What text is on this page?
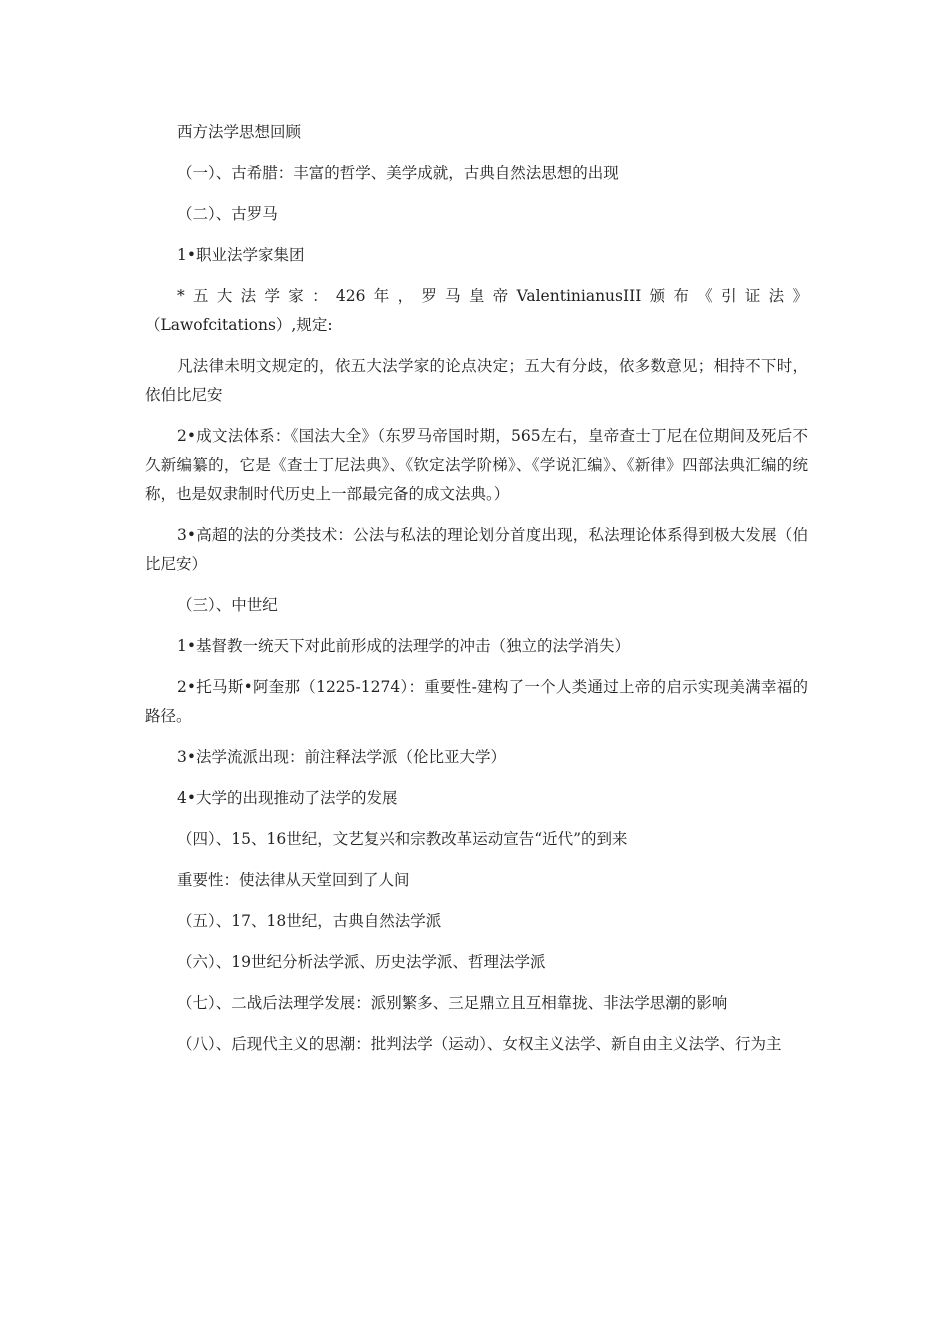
西方法学思想回顾

（一）、古希腊：丰富的哲学、美学成就，古典自然法思想的出现

（二）、古罗马

1•职业法学家集团

*五大法学家：426年，罗马皇帝ValentinianusIII颁布《引证法》

（Lawofcitations）,规定:

凡法律未明文规定的，依五大法学家的论点决定；五大有分歧，依多数意见；相持不下时，依伯比尼安

2•成文法体系：《国法大全》（东罗马帝国时期，565左右，皇帝查士丁尼在位期间及死后不久新编纂的，它是《查士丁尼法典》、《钦定法学阶梯》、《学说汇编》、《新律》四部法典汇编的统称，也是奴隶制时代历史上一部最完备的成文法典。）

3•高超的法的分类技术：公法与私法的理论划分首度出现，私法理论体系得到极大发展（伯比尼安）

（三）、中世纪

1•基督教一统天下对此前形成的法理学的冲击（独立的法学消失）

2•托马斯•阿奎那（1225-1274）：重要性-建构了一个人类通过上帝的启示实现美满幸福的路径。

3•法学流派出现：前注释法学派（伦比亚大学）

4•大学的出现推动了法学的发展

（四）、15、16世纪，文艺复兴和宗教改革运动宣告“近代”的到来

重要性：使法律从天堂回到了人间

（五）、17、18世纪，古典自然法学派

（六）、19世纪分析法学派、历史法学派、哲理法学派

（七）、二战后法理学发展：派别繁多、三足鼎立且互相靠拢、非法学思潮的影响

（八）、后现代主义的思潮：批判法学（运动）、女权主义法学、新自由主义法学、行为主
